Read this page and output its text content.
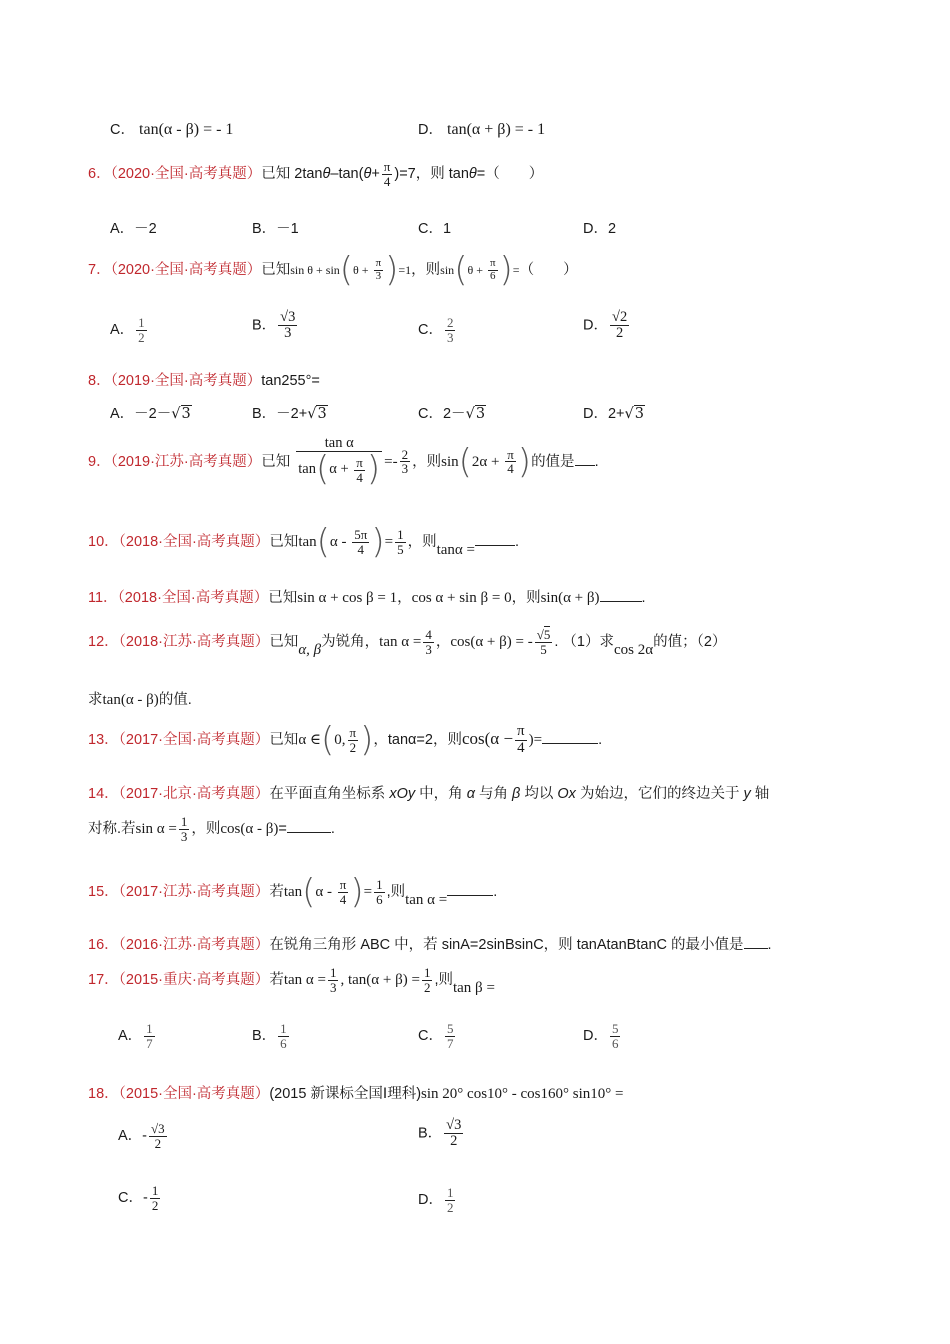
C． tan(α - β) = - 1	D． tan(α + β) = - 1
6．（2020·全国·高考真题）已知 $2\tan\theta-\tan(\theta+ \frac{\pi}{4} )=7$，则 tanθ=（　　）
A．－2	B．－1	C．1	D．2
7．（2020·全国·高考真题）已知$\sin \theta + \sin(\theta + \frac{\pi}{3} )=1$，则$\sin(\theta + \frac{\pi}{6}$ )=（　　）
A． $\frac{1}{2}$	B． $\frac{√3}{3}$	C． $\frac{2}{3}$	D． $\frac{√2}{2}$
8．（2019·全国·高考真题）tan255°=
A．－2－√3	B．－2+√3	C．2－√3	D．2+√3
9．（2019·江苏·高考真题）已知 $\frac{\text{tan α}}{\tan(\alpha + \frac{\pi}{4} )} =- \frac{2}{3}$ ，则$\sin(2\alpha + \frac{\pi}{4}$ )的值是 .
10．（2018·全国·高考真题）已知$\tan(\alpha - \frac{5\pi}{4}$ )= $\frac{1}{5}$ ，则tanα =	.
11．（2018·全国·高考真题）已知sin α + cos β = 1，cos α + sin β = 0，则sin(α + β)	.
12．（2018·江苏·高考真题）已知α, β为锐角，$\tan \alpha = \frac{4}{3}$ ，cos(α + β) = - $\frac{√5}{5}$ . （1）求cos 2α的值；（2）
求tan(α - β)的值.
13．（2017·全国·高考真题）已知α ∈(0, $\frac{\pi}{2}$ )，tanα=2，则$\cos(\alpha - \frac{\pi}{4}$ )=	.
14．（2017·北京·高考真题）在平面直角坐标系 xOy 中，角 α 与角 β 均以 Ox 为始边，它们的终边关于 y 轴
对称.若$\sin \alpha = \frac{1}{3}$ ，则cos(α - β)=	.
15．（2017·江苏·高考真题）若$\tan(\alpha - \frac{\pi}{4}$ )= $\frac{1}{6}$ ,则tan α =	.
16．（2016·江苏·高考真题）在锐角三角形 ABC 中，若 sinA=2sinBsinC，则 tanAtanBtanC 的最小值是 .
17．（2015·重庆·高考真题）若$\tan \alpha = \frac{1}{3}$ , $\tan(\alpha + \beta) = \frac{1}{2}$ ,则tan β =
A． $\frac{1}{7}$	B． $\frac{1}{6}$	C． $\frac{5}{7}$	D． $\frac{5}{6}$
18．（2015·全国·高考真题）(2015 新课标全国Ⅰ理科)sin 20° cos10° - cos160° sin10° =
A．- $\frac{√3}{2}$	B． $\frac{√3}{2}$
C．- $\frac{1}{2}$	D． $\frac{1}{2}$
